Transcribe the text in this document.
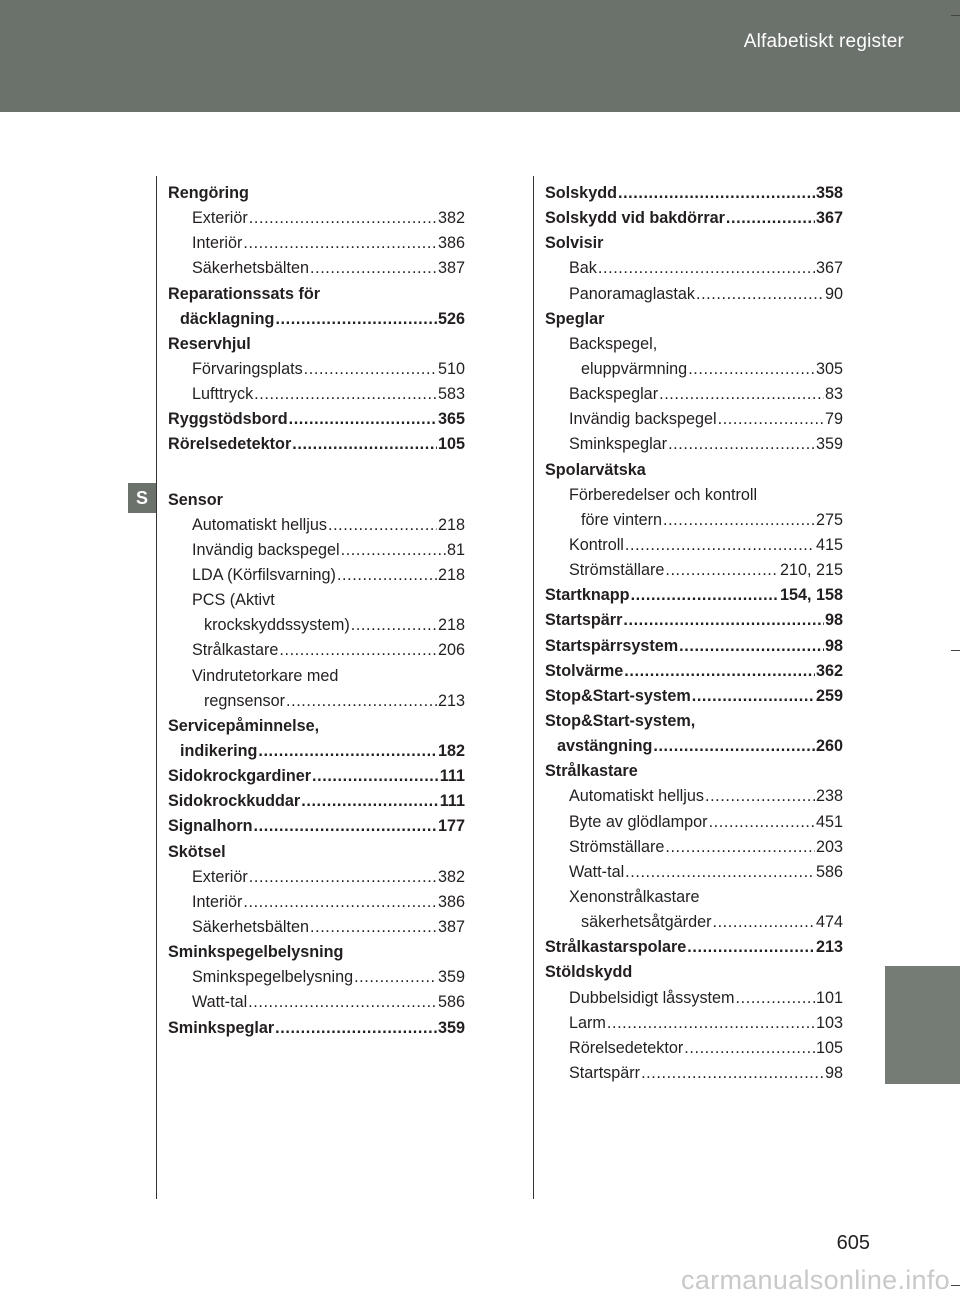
Alfabetiskt register
S
Rengöring
Exteriör .....	382
Interiör .....	386
Säkerhetsbälten .....	387
Reparationssats för
däcklagning .....	526
Reservhjul
Förvaringsplats .....	510
Lufttryck .....	583
Ryggstödsbord .....	365
Rörelsedetektor .....	105
Sensor
Automatiskt helljus .....	218
Invändig backspegel .....	81
LDA (Körfilsvarning) .....	218
PCS (Aktivt
krockskyddssystem) .....	218
Strålkastare .....	206
Vindrutetorkare med
regnsensor .....	213
Servicepåminnelse,
indikering .....	182
Sidokrockgardiner .....	111
Sidokrockkuddar .....	111
Signalhorn .....	177
Skötsel
Exteriör .....	382
Interiör .....	386
Säkerhetsbälten .....	387
Sminkspegelbelysning
Sminkspegelbelysning .....	359
Watt-tal .....	586
Sminkspeglar .....	359
Solskydd .....	358
Solskydd vid bakdörrar .....	367
Solvisir
Bak .....	367
Panoramaglastak .....	90
Speglar
Backspegel,
eluppvärmning .....	305
Backspeglar .....	83
Invändig backspegel .....	79
Sminkspeglar .....	359
Spolarvätska
Förberedelser och kontroll
före vintern .....	275
Kontroll .....	415
Strömställare .....	210, 215
Startknapp .....	154, 158
Startspärr .....	98
Startspärrsystem .....	98
Stolvärme .....	362
Stop&Start-system .....	259
Stop&Start-system,
avstängning .....	260
Strålkastare
Automatiskt helljus .....	238
Byte av glödlampor .....	451
Strömställare .....	203
Watt-tal .....	586
Xenonstrålkastare
säkerhetsåtgärder .....	474
Strålkastarspolare .....	213
Stöldskydd
Dubbelsidigt låssystem .....	101
Larm .....	103
Rörelsedetektor .....	105
Startspärr .....	98
605
carmanualsonline.info
